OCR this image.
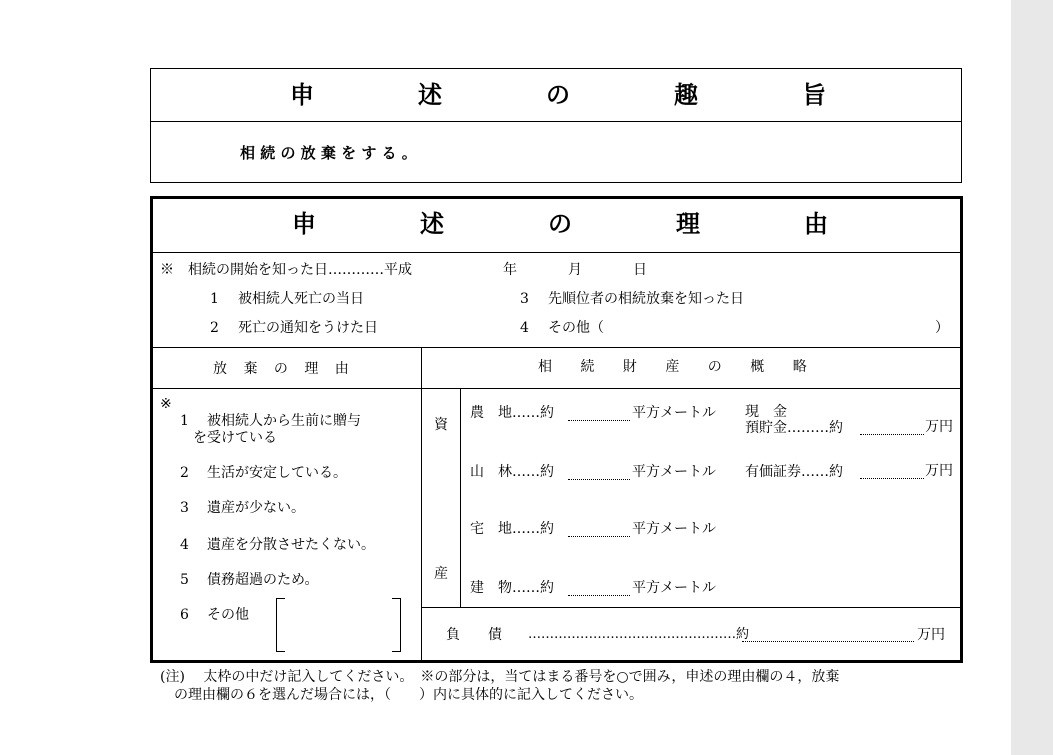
申	述	の	趣	旨
相 続 の 放 棄 を す る 。
申	述	の	理	由
※　相続の開始を知った日…………平成	年	月	日
1 被相続人死亡の当日
2 死亡の通知をうけた日
3 先順位者の相続放棄を知った日
4 その他（	）
放 棄 の 理 由
※
1 被相続人から生前に贈与
を受けている
2 生活が安定している。
3 遺産が少ない。
4 遺産を分散させたくない。
5 債務超過のため。
6 その他
相 続 財 産 の 概 略
資
産
農　地……約	平方メートル
山　林……約	平方メートル
宅　地……約	平方メートル
建　物……約	平方メートル
現　金
預貯金………約	万円
有価証券……約	万円
負　　債 …………………………………………約	万円
(注)　 太枠の中だけ記入してください。　※の部分は，当てはまる番号を○で囲み，申述の理由欄の４，放棄
　の理由欄の６を選んだ場合には，（　　）内に具体的に記入してください。
